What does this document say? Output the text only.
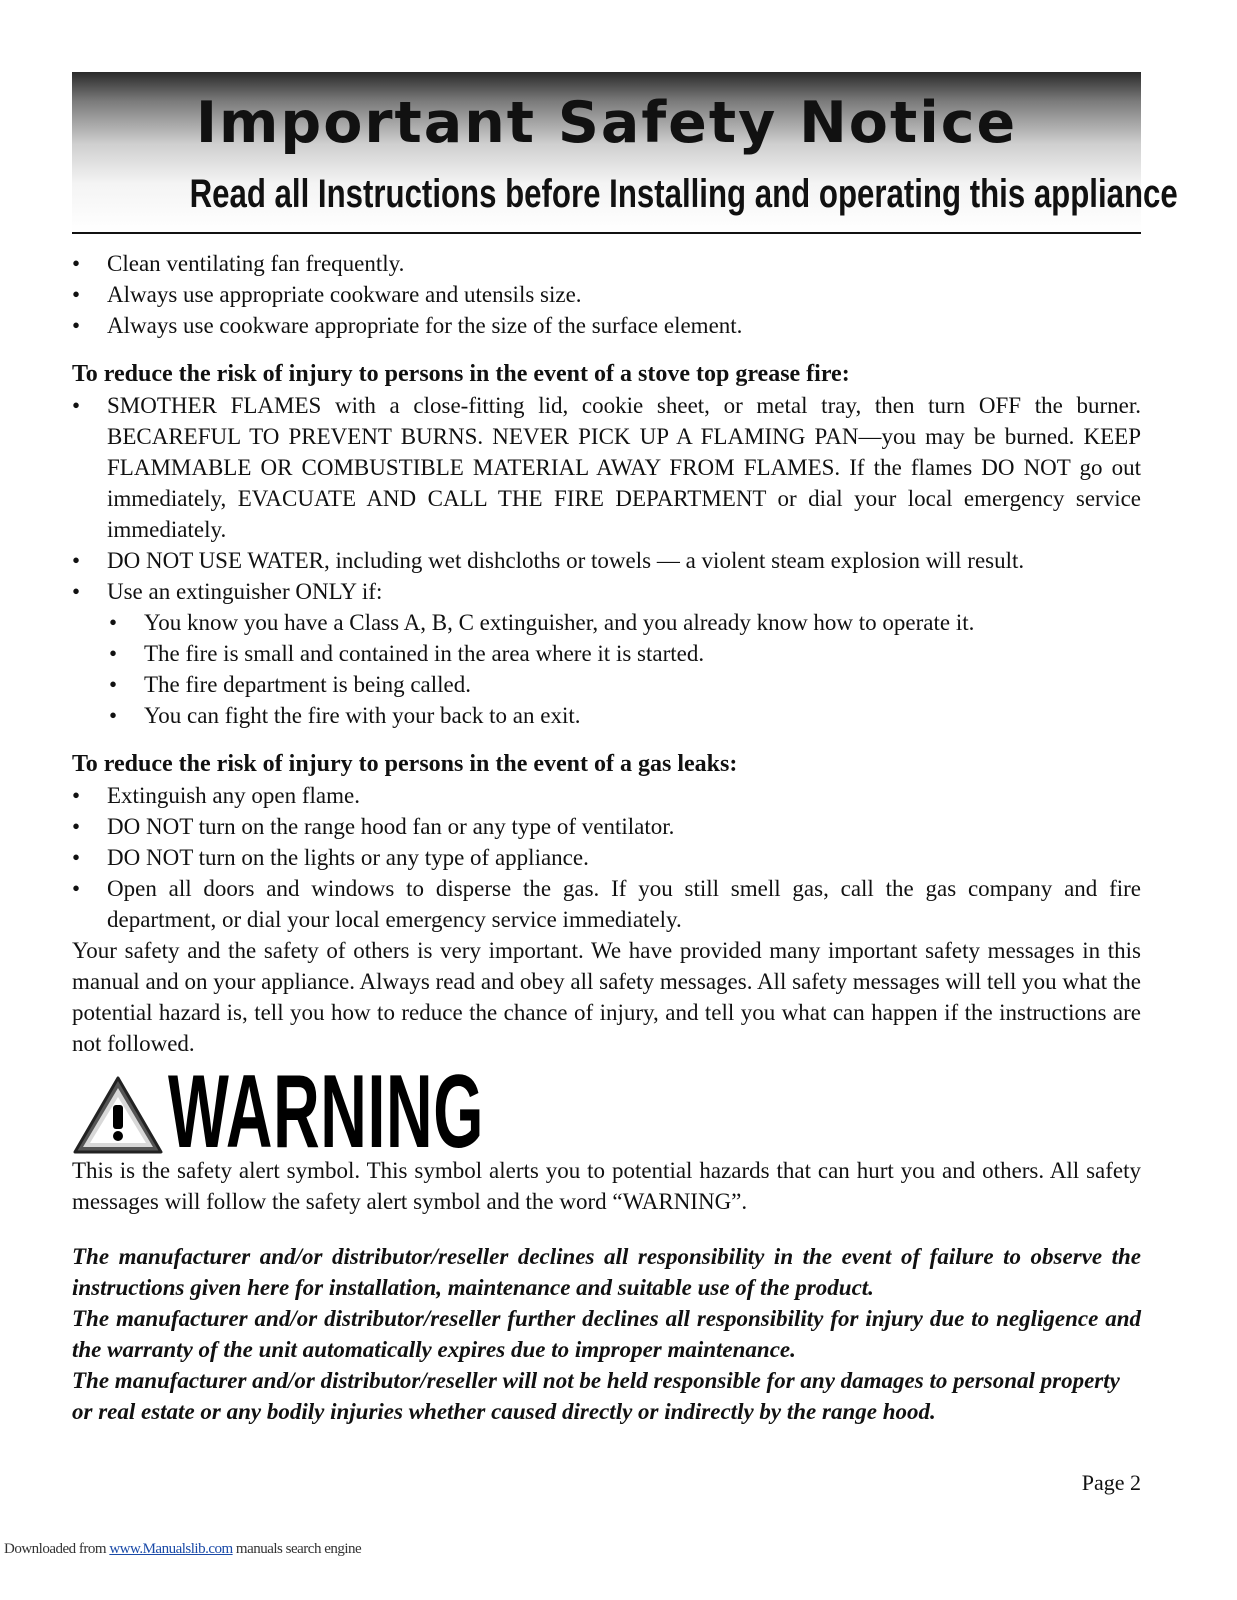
Important Safety Notice
Read all Instructions before Installing and operating this appliance
• Clean ventilating fan frequently.
• Always use appropriate cookware and utensils size.
• Always use cookware appropriate for the size of the surface element.
To reduce the risk of injury to persons in the event of a stove top grease fire:
• SMOTHER FLAMES with a close-fitting lid, cookie sheet, or metal tray, then turn OFF the burner. BECAREFUL TO PREVENT BURNS. NEVER PICK UP A FLAMING PAN—you may be burned. KEEP FLAMMABLE OR COMBUSTIBLE MATERIAL AWAY FROM FLAMES. If the flames DO NOT go out immediately, EVACUATE AND CALL THE FIRE DEPARTMENT or dial your local emergency service immediately.
• DO NOT USE WATER, including wet dishcloths or towels — a violent steam explosion will result.
• Use an extinguisher ONLY if:
• You know you have a Class A, B, C extinguisher, and you already know how to operate it.
• The fire is small and contained in the area where it is started.
• The fire department is being called.
• You can fight the fire with your back to an exit.
To reduce the risk of injury to persons in the event of a gas leaks:
• Extinguish any open flame.
• DO NOT turn on the range hood fan or any type of ventilator.
• DO NOT turn on the lights or any type of appliance.
• Open all doors and windows to disperse the gas. If you still smell gas, call the gas company and fire department, or dial your local emergency service immediately.

Your safety and the safety of others is very important. We have provided many important safety messages in this manual and on your appliance. Always read and obey all safety messages. All safety messages will tell you what the potential hazard is, tell you how to reduce the chance of injury, and tell you what can happen if the instructions are not followed.

WARNING

This is the safety alert symbol. This symbol alerts you to potential hazards that can hurt you and others. All safety messages will follow the safety alert symbol and the word “WARNING”.

The manufacturer and/or distributor/reseller declines all responsibility in the event of failure to observe the instructions given here for installation, maintenance and suitable use of the product.

The manufacturer and/or distributor/reseller further declines all responsibility for injury due to negligence and the warranty of the unit automatically expires due to improper maintenance.

The manufacturer and/or distributor/reseller will not be held responsible for any damages to personal property or real estate or any bodily injuries whether caused directly or indirectly by the range hood.

Page 2
Downloaded from www.Manualslib.com manuals search engine
